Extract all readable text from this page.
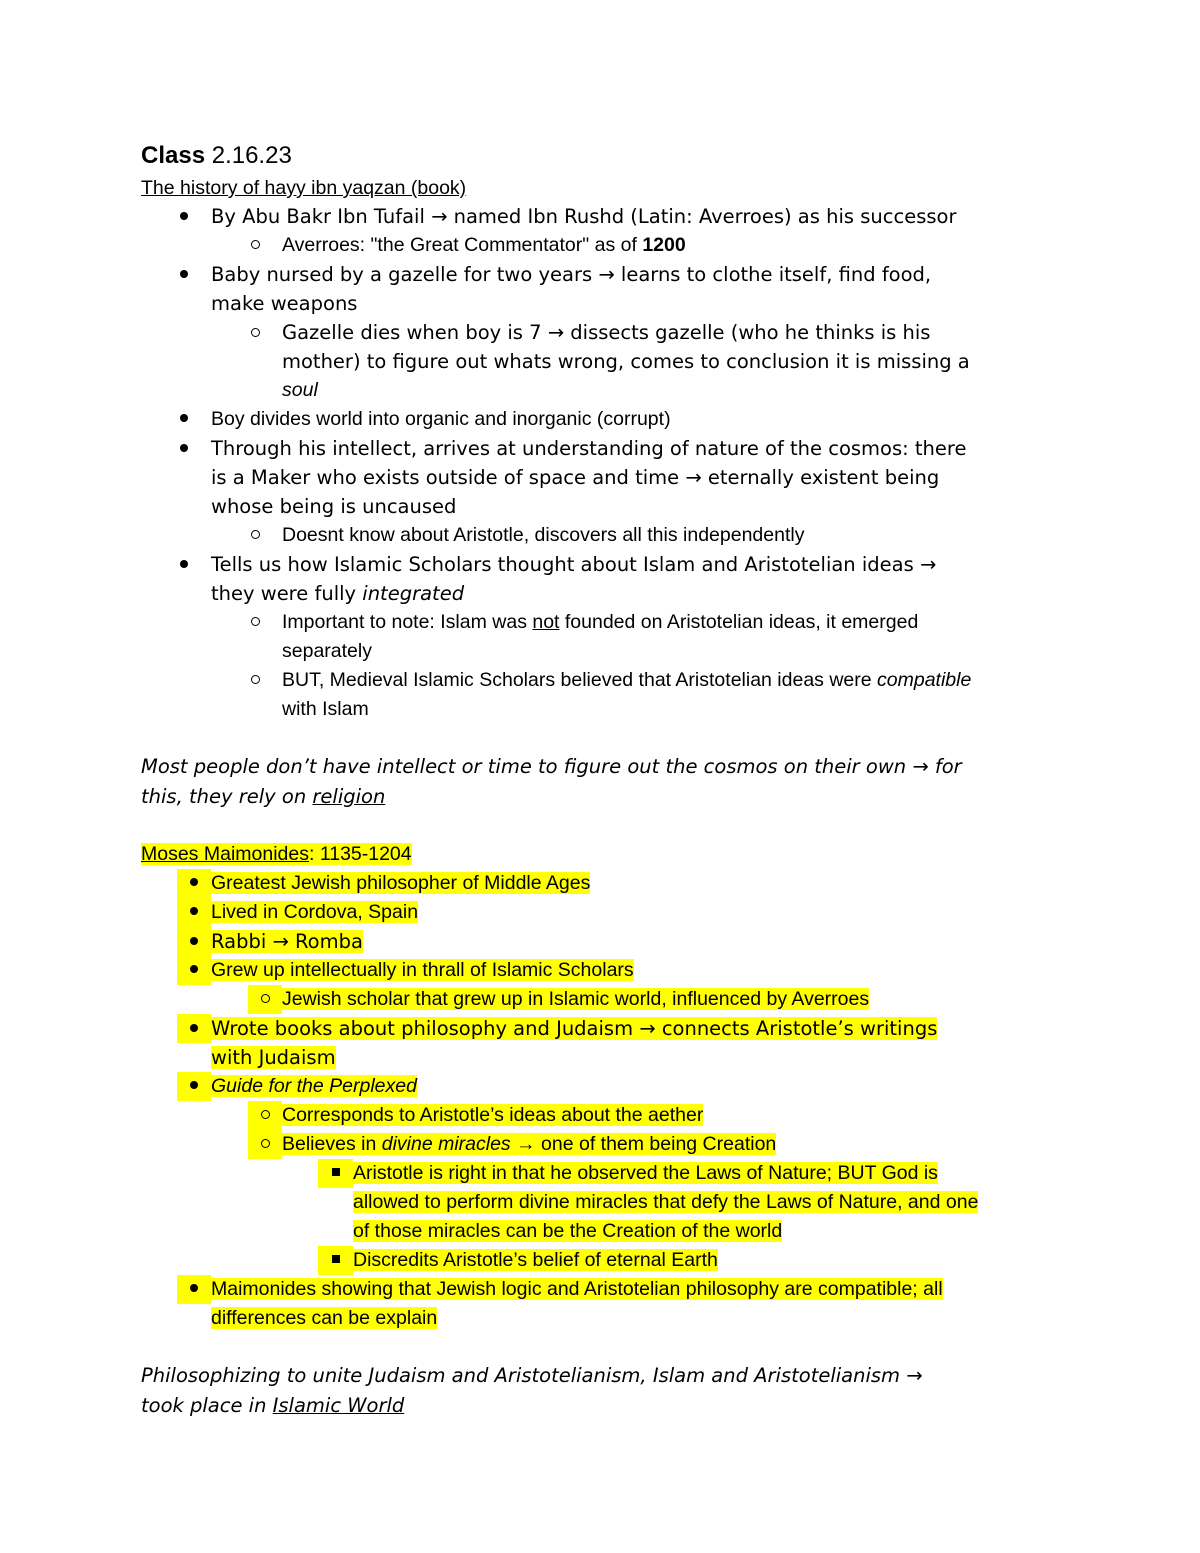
Class 2.16.23
The history of hayy ibn yaqzan (book)
By Abu Bakr Ibn Tufail → named Ibn Rushd (Latin: Averroes) as his successor
Averroes: "the Great Commentator" as of 1200
Baby nursed by a gazelle for two years → learns to clothe itself, find food,
make weapons
Gazelle dies when boy is 7 → dissects gazelle (who he thinks is his
mother) to figure out whats wrong, comes to conclusion it is missing a
soul
Boy divides world into organic and inorganic (corrupt)
Through his intellect, arrives at understanding of nature of the cosmos: there
is a Maker who exists outside of space and time → eternally existent being
whose being is uncaused
Doesnt know about Aristotle, discovers all this independently
Tells us how Islamic Scholars thought about Islam and Aristotelian ideas →
they were fully integrated
Important to note: Islam was not founded on Aristotelian ideas, it emerged
separately
BUT, Medieval Islamic Scholars believed that Aristotelian ideas were compatible
with Islam
Most people don’t have intellect or time to figure out the cosmos on their own → for
this, they rely on religion
Moses Maimonides: 1135-1204
Greatest Jewish philosopher of Middle Ages
Lived in Cordova, Spain
Rabbi → Romba
Grew up intellectually in thrall of Islamic Scholars
Jewish scholar that grew up in Islamic world, influenced by Averroes
Wrote books about philosophy and Judaism → connects Aristotle’s writings
with Judaism
Guide for the Perplexed
Corresponds to Aristotle’s ideas about the aether
Believes in divine miracles → one of them being Creation
Aristotle is right in that he observed the Laws of Nature; BUT God is
allowed to perform divine miracles that defy the Laws of Nature, and one
of those miracles can be the Creation of the world
Discredits Aristotle’s belief of eternal Earth
Maimonides showing that Jewish logic and Aristotelian philosophy are compatible; all
differences can be explain
Philosophizing to unite Judaism and Aristotelianism, Islam and Aristotelianism →
took place in Islamic World
